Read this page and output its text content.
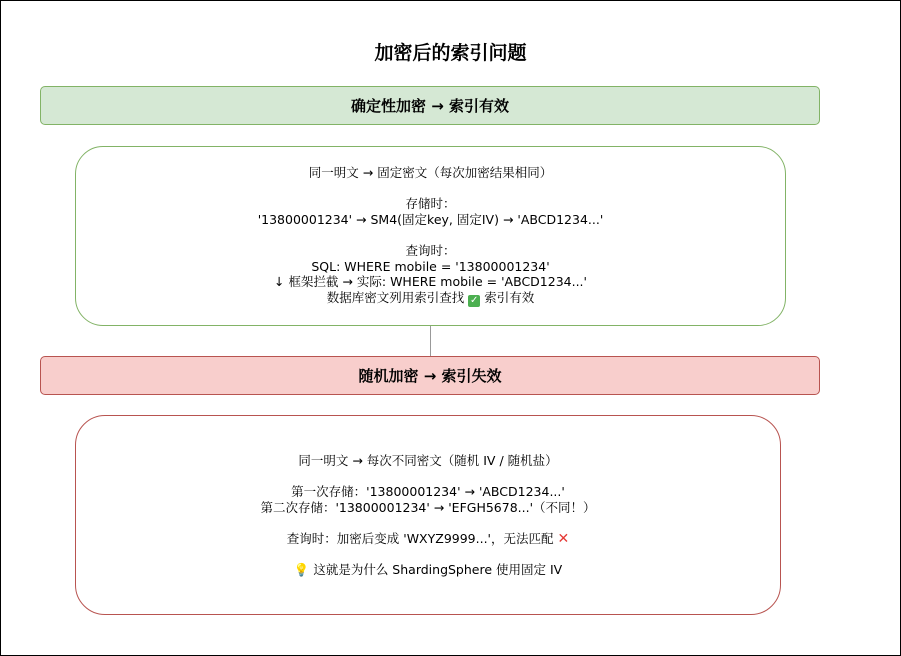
加密后的索引问题
确定性加密 → 索引有效
同一明文 → 固定密文（每次加密结果相同）
存储时：
'13800001234' → SM4(固定key, 固定IV) → 'ABCD1234...'
查询时：
SQL: WHERE mobile = '13800001234'
↓ 框架拦截 → 实际: WHERE mobile = 'ABCD1234...'
数据库密文列用索引查找 ✓ 索引有效
随机加密 → 索引失效
同一明文 → 每次不同密文（随机 IV / 随机盐）
第一次存储：'13800001234' → 'ABCD1234...'
第二次存储：'13800001234' → 'EFGH5678...'（不同！）
查询时：加密后变成 'WXYZ9999...'，无法匹配 ✕
💡 这就是为什么 ShardingSphere 使用固定 IV
